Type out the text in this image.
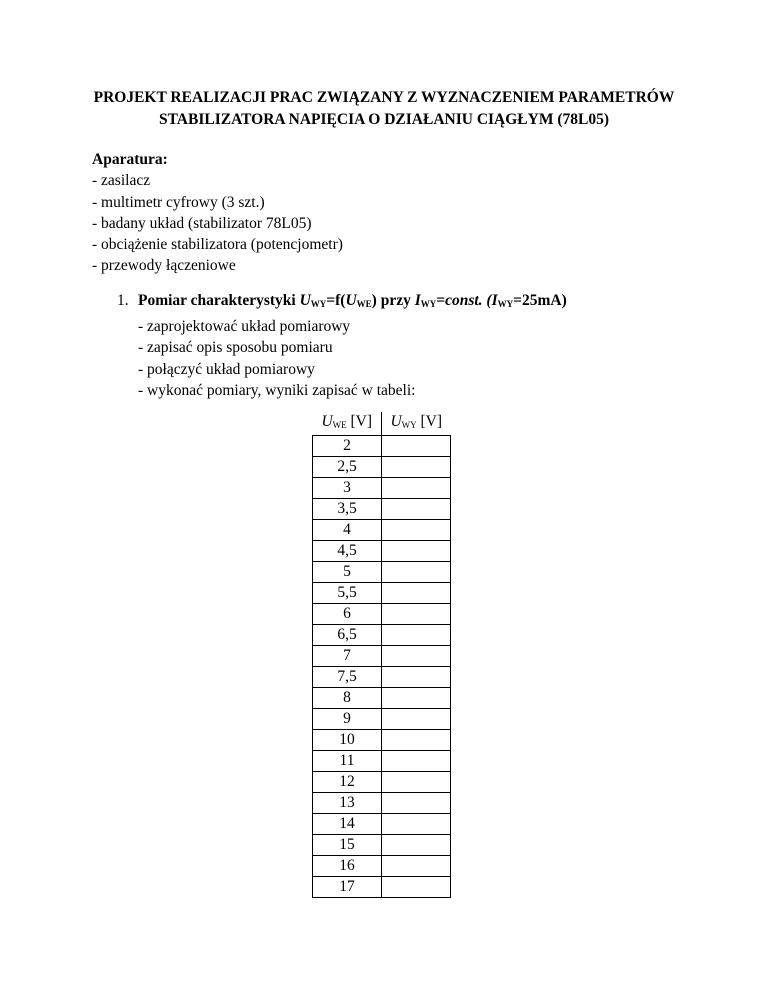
PROJEKT REALIZACJI PRAC ZWIĄZANY Z WYZNACZENIEM PARAMETRÓW
STABILIZATORA NAPIĘCIA O DZIAŁANIU CIĄGŁYM (78L05)
Aparatura:
- zasilacz
- multimetr cyfrowy (3 szt.)
- badany układ (stabilizator 78L05)
- obciążenie stabilizatora (potencjometr)
- przewody łączeniowe
1. Pomiar charakterystyki $U_{WY}=f(U_{WE})$ przy $I_{WY}=const$. $(I_{WY}=25mA)$
- zaprojektować układ pomiarowy
- zapisać opis sposobu pomiaru
- połączyć układ pomiarowy
- wykonać pomiary, wyniki zapisać w tabeli:
$U_{WE}$ [V]	$U_{WY}$ [V]
2	
2,5	
3	
3,5	
4	
4,5	
5	
5,5	
6	
6,5	
7	
7,5	
8	
9	
10	
11	
12	
13	
14	
15	
16	
17	
